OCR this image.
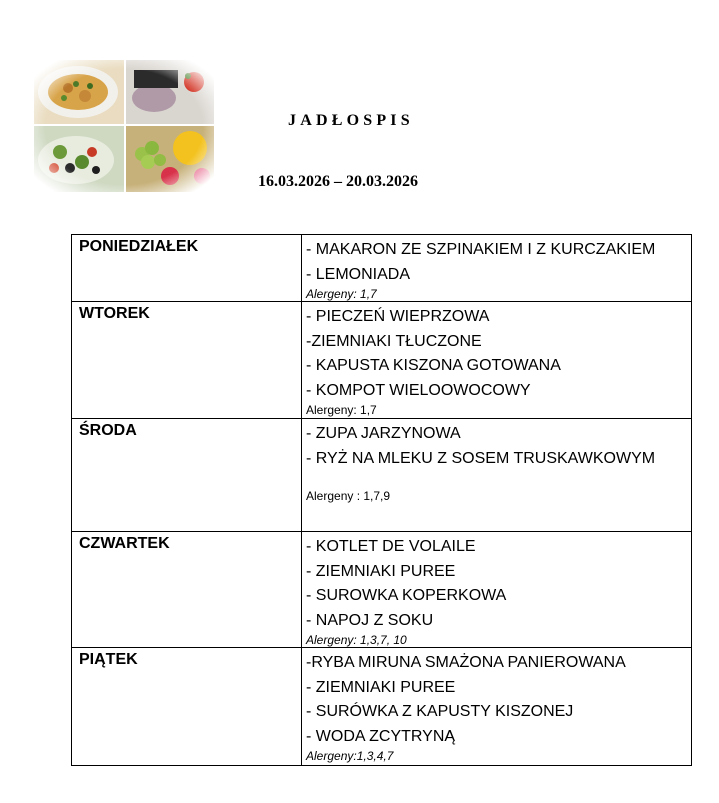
JADŁOSPIS
16.03.2026 – 20.03.2026
PONIEDZIAŁEK	- MAKARON ZE SZPINAKIEM I Z KURCZAKIEM
- LEMONIADA
Alergeny: 1,7

WTOREK	- PIECZEŃ WIEPRZOWA
-ZIEMNIAKI TŁUCZONE
- KAPUSTA KISZONA GOTOWANA
- KOMPOT WIELOOWOCOWY
Alergeny: 1,7

ŚRODA	- ZUPA JARZYNOWA
- RYŻ NA MLEKU Z SOSEM TRUSKAWKOWYM
Alergeny : 1,7,9

CZWARTEK	- KOTLET DE VOLAILE
- ZIEMNIAKI PUREE
- SUROWKA KOPERKOWA
- NAPOJ Z SOKU
Alergeny: 1,3,7, 10

PIĄTEK	-RYBA MIRUNA SMAŻONA PANIEROWANA
- ZIEMNIAKI PUREE
- SURÓWKA Z KAPUSTY KISZONEJ
- WODA ZCYTRYNĄ
Alergeny:1,3,4,7
